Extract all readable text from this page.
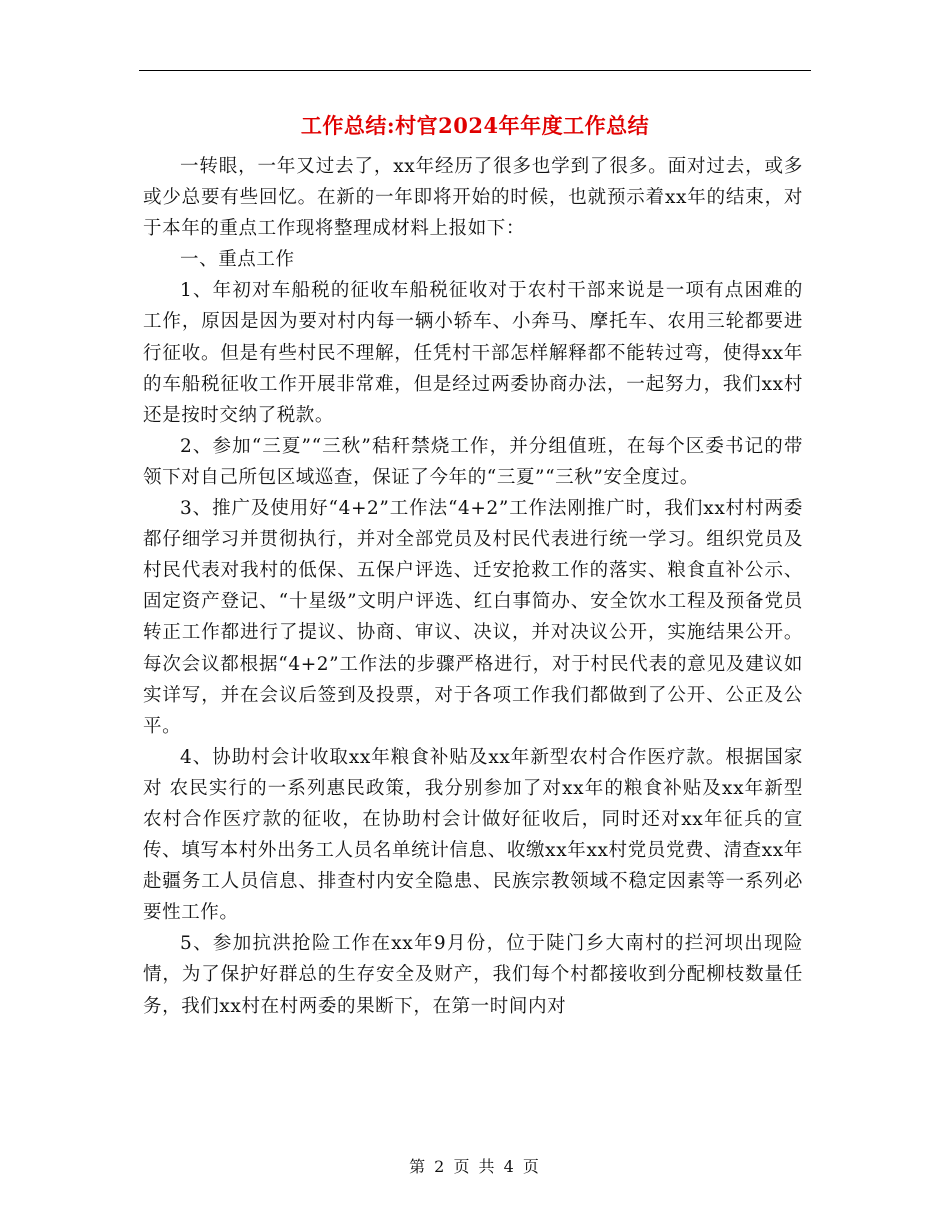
工作总结:村官2024年年度工作总结

一转眼，一年又过去了，xx年经历了很多也学到了很多。面对过去，或多或少总要有些回忆。在新的一年即将开始的时候，也就预示着xx年的结束，对于本年的重点工作现将整理成材料上报如下：

一、重点工作

1、年初对车船税的征收车船税征收对于农村干部来说是一项有点困难的工作，原因是因为要对村内每一辆小轿车、小奔马、摩托车、农用三轮都要进行征收。但是有些村民不理解，任凭村干部怎样解释都不能转过弯，使得xx年的车船税征收工作开展非常难，但是经过两委协商办法，一起努力，我们xx村还是按时交纳了税款。

2、参加“三夏”“三秋”秸秆禁烧工作，并分组值班，在每个区委书记的带领下对自己所包区域巡查，保证了今年的“三夏”“三秋”安全度过。

3、推广及使用好“4+2”工作法“4+2”工作法刚推广时，我们xx村村两委都仔细学习并贯彻执行，并对全部党员及村民代表进行统一学习。组织党员及村民代表对我村的低保、五保户评选、迁安抢救工作的落实、粮食直补公示、固定资产登记、“十星级”文明户评选、红白事简办、安全饮水工程及预备党员转正工作都进行了提议、协商、审议、决议，并对决议公开，实施结果公开。每次会议都根据“4+2”工作法的步骤严格进行，对于村民代表的意见及建议如实详写，并在会议后签到及投票，对于各项工作我们都做到了公开、公正及公平。

4、协助村会计收取xx年粮食补贴及xx年新型农村合作医疗款。根据国家对 农民实行的一系列惠民政策，我分别参加了对xx年的粮食补贴及xx年新型农村合作医疗款的征收，在协助村会计做好征收后，同时还对xx年征兵的宣传、填写本村外出务工人员名单统计信息、收缴xx年xx村党员党费、清查xx年赴疆务工人员信息、排查村内安全隐患、民族宗教领域不稳定因素等一系列必要性工作。

5、参加抗洪抢险工作在xx年9月份，位于陡门乡大南村的拦河坝出现险情，为了保护好群总的生存安全及财产，我们每个村都接收到分配柳枝数量任务，我们xx村在村两委的果断下，在第一时间内对

第 2 页 共 4 页
